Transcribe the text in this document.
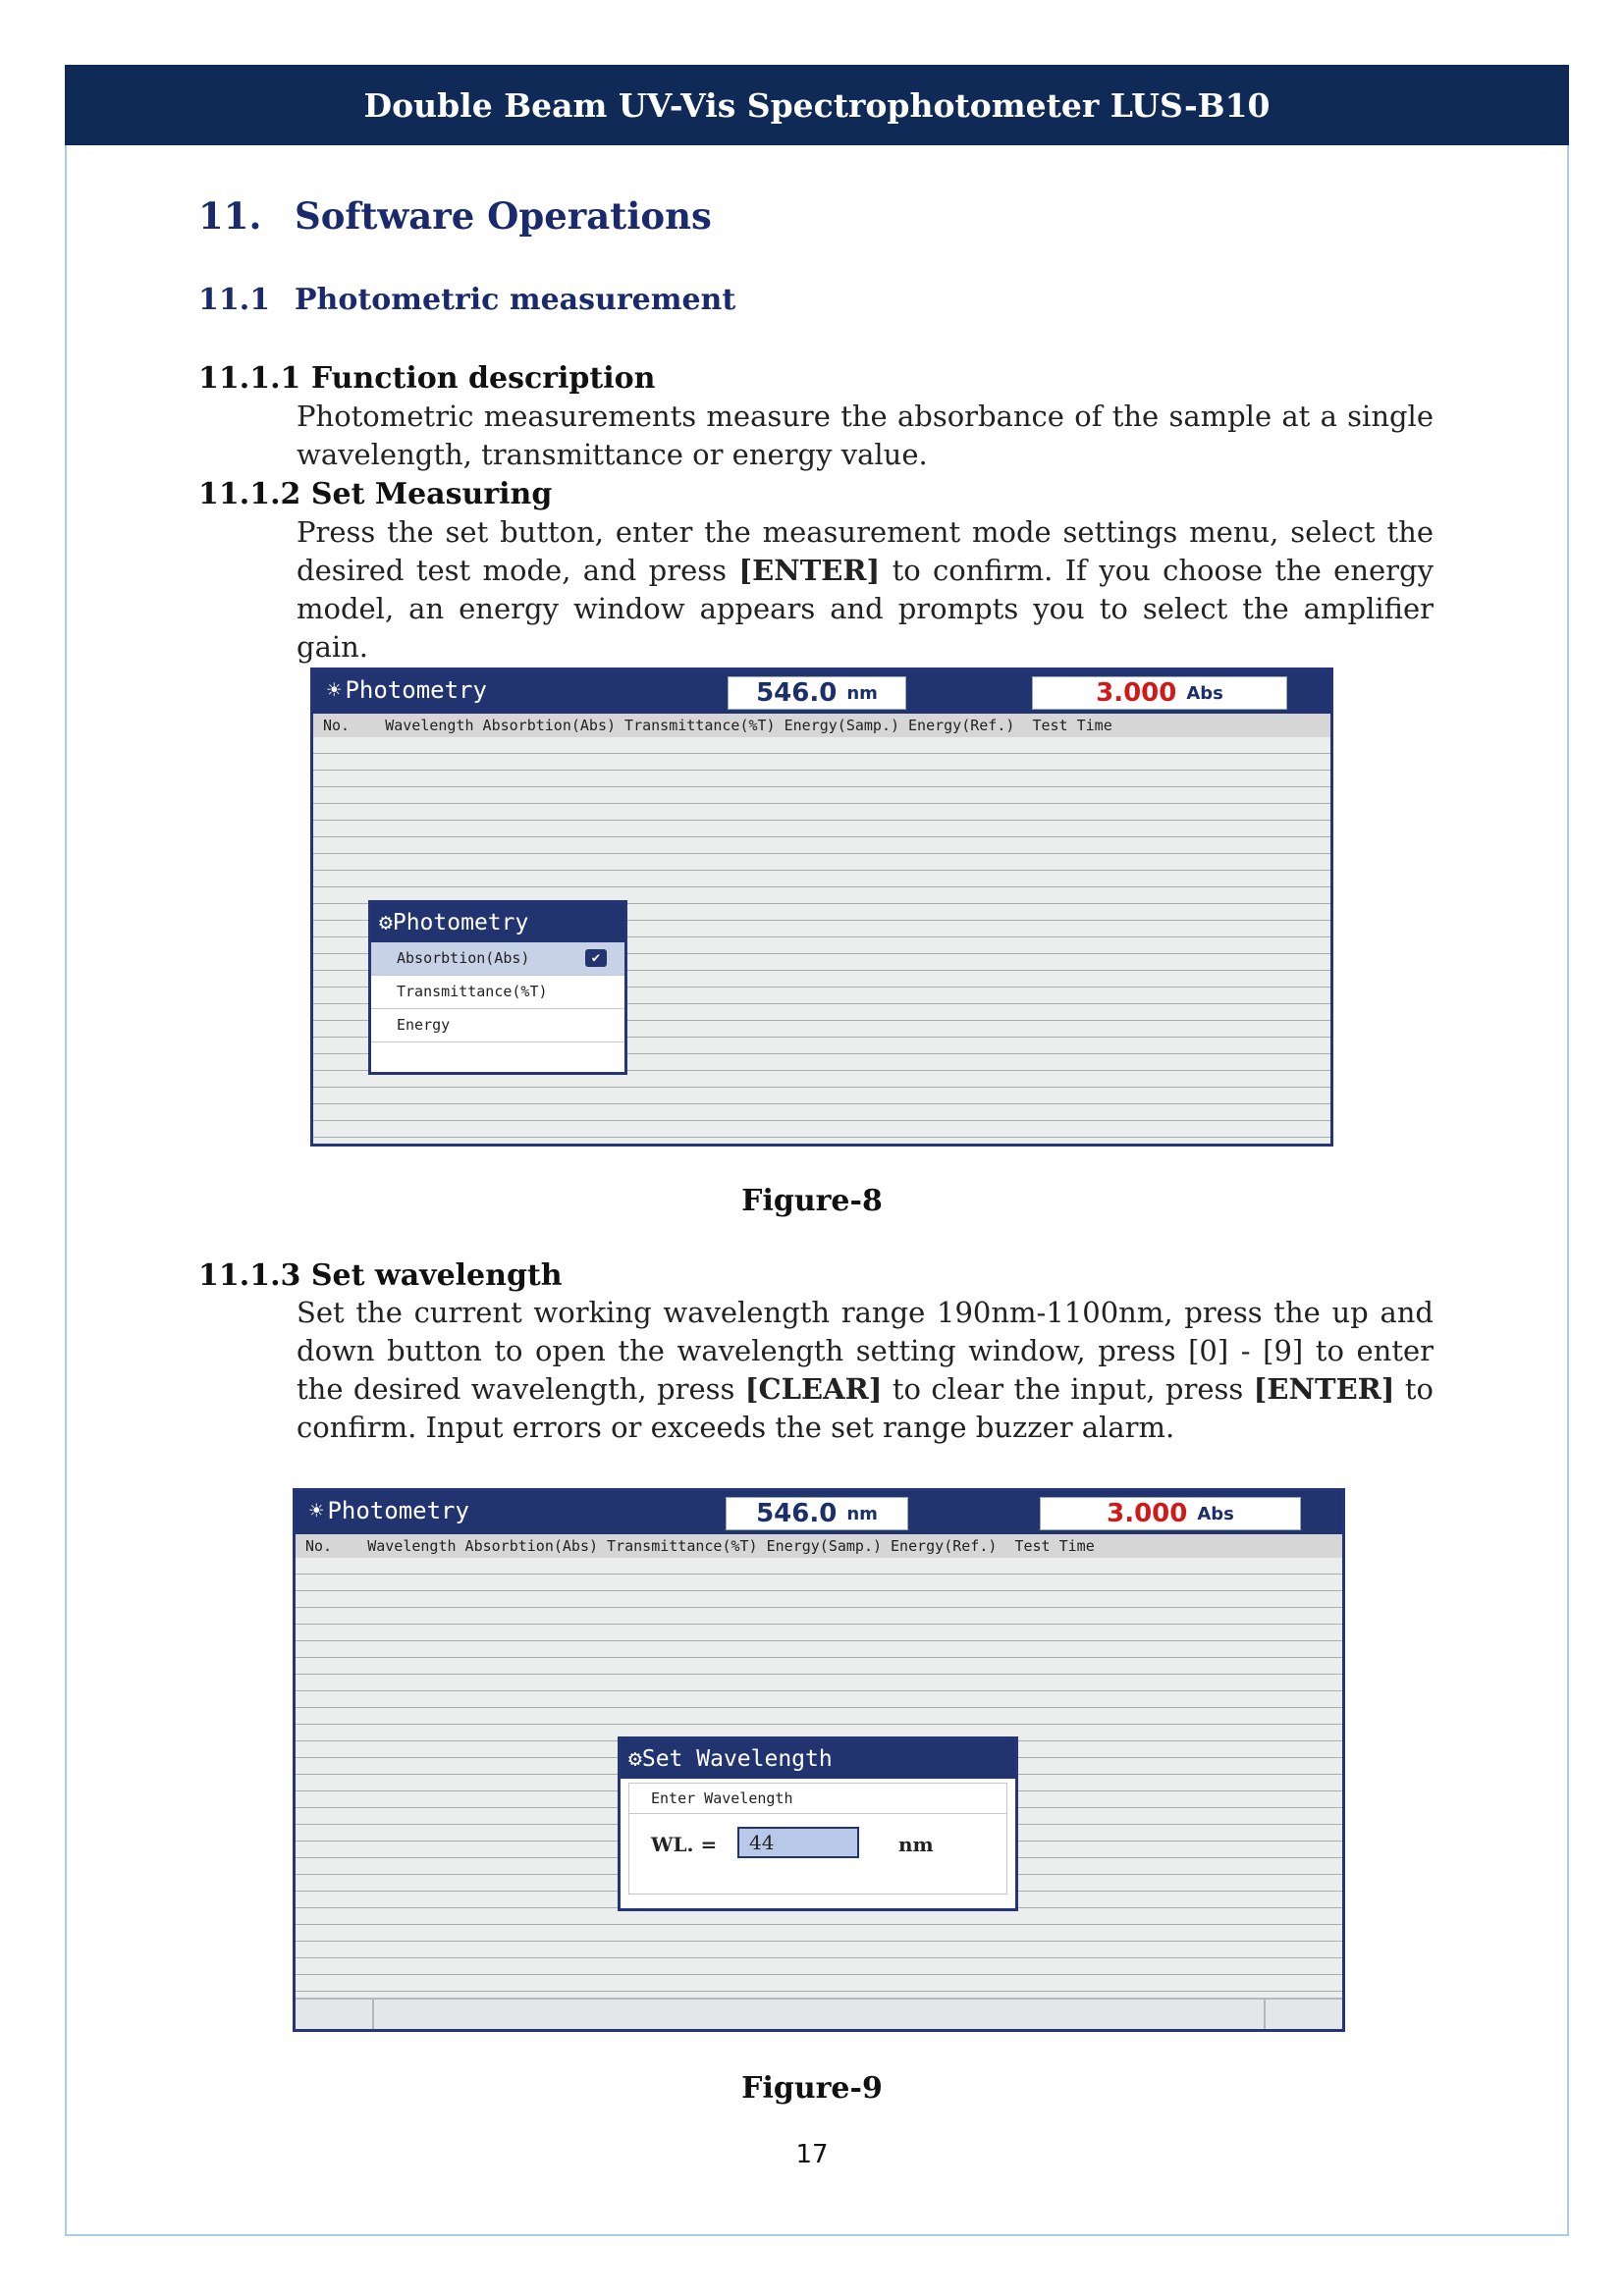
Double Beam UV-Vis Spectrophotometer LUS-B10
11. Software Operations
11.1 Photometric measurement
11.1.1 Function description
Photometric measurements measure the absorbance of the sample at a single wavelength, transmittance or energy value.
11.1.2 Set Measuring
Press the set button, enter the measurement mode settings menu, select the desired test mode, and press [ENTER] to confirm. If you choose the energy model, an energy window appears and prompts you to select the amplifier gain.
☀ Photometry	546.0 nm	3.000 Abs
No.    Wavelength Absorbtion(Abs) Transmittance(%T) Energy(Samp.) Energy(Ref.)  Test Time
⚙Photometry
Absorbtion(Abs)	✔
Transmittance(%T)
Energy
Figure-8
11.1.3 Set wavelength
Set the current working wavelength range 190nm-1100nm, press the up and down button to open the wavelength setting window, press [0] - [9] to enter the desired wavelength, press [CLEAR] to clear the input, press [ENTER] to confirm. Input errors or exceeds the set range buzzer alarm.
☀ Photometry	546.0 nm	3.000 Abs
No.    Wavelength Absorbtion(Abs) Transmittance(%T) Energy(Samp.) Energy(Ref.)  Test Time
⚙Set Wavelength
Enter Wavelength
WL. =	44	nm
Figure-9
17
